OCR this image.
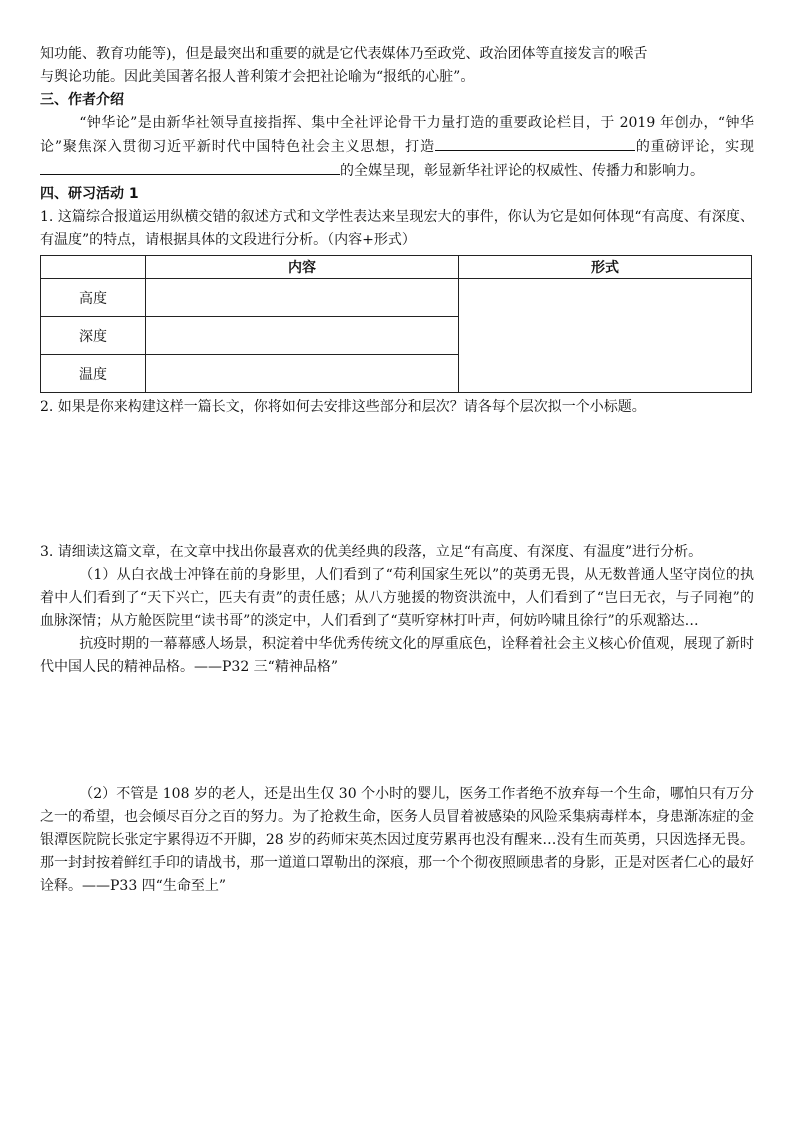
知功能、教育功能等)，但是最突出和重要的就是它代表媒体乃至政党、政治团体等直接发言的喉舌

与舆论功能。因此美国著名报人普利策才会把社论喻为“报纸的心脏”。

三、作者介绍

“钟华论”是由新华社领导直接指挥、集中全社评论骨干力量打造的重要政论栏目，于 2019 年创办，“钟华论”聚焦深入贯彻习近平新时代中国特色社会主义思想，打造	的重磅评论，实现的全媒呈现，彰显新华社评论的权威性、传播力和影响力。

四、研习活动 1

1. 这篇综合报道运用纵横交错的叙述方式和文学性表达来呈现宏大的事件，你认为它是如何体现“有高度、有深度、有温度”的特点，请根据具体的文段进行分析。（内容+形式）

	内容	形式
高度		
深度		
温度		

2. 如果是你来构建这样一篇长文，你将如何去安排这些部分和层次？请各每个层次拟一个小标题。

3. 请细读这篇文章，在文章中找出你最喜欢的优美经典的段落，立足“有高度、有深度、有温度”进行分析。

（1）从白衣战士冲锋在前的身影里，人们看到了“苟利国家生死以”的英勇无畏，从无数普通人坚守岗位的执着中人们看到了“天下兴亡，匹夫有责”的责任感；从八方驰援的物资洪流中，人们看到了“岂曰无衣，与子同袍”的血脉深情；从方舱医院里“读书哥”的淡定中，人们看到了“莫听穿林打叶声，何妨吟啸且徐行”的乐观豁达…

抗疫时期的一幕幕感人场景，积淀着中华优秀传统文化的厚重底色，诠释着社会主义核心价值观，展现了新时代中国人民的精神品格。——P32 三“精神品格”

（2）不管是 108 岁的老人，还是出生仅 30 个小时的婴儿，医务工作者绝不放弃每一个生命，哪怕只有万分之一的希望，也会倾尽百分之百的努力。为了抢救生命，医务人员冒着被感染的风险采集病毒样本，身患渐冻症的金银潭医院院长张定宇累得迈不开脚，28 岁的药师宋英杰因过度劳累再也没有醒来…没有生而英勇，只因选择无畏。那一封封按着鲜红手印的请战书，那一道道口罩勒出的深痕，那一个个彻夜照顾患者的身影，正是对医者仁心的最好诠释。——P33 四“生命至上”
